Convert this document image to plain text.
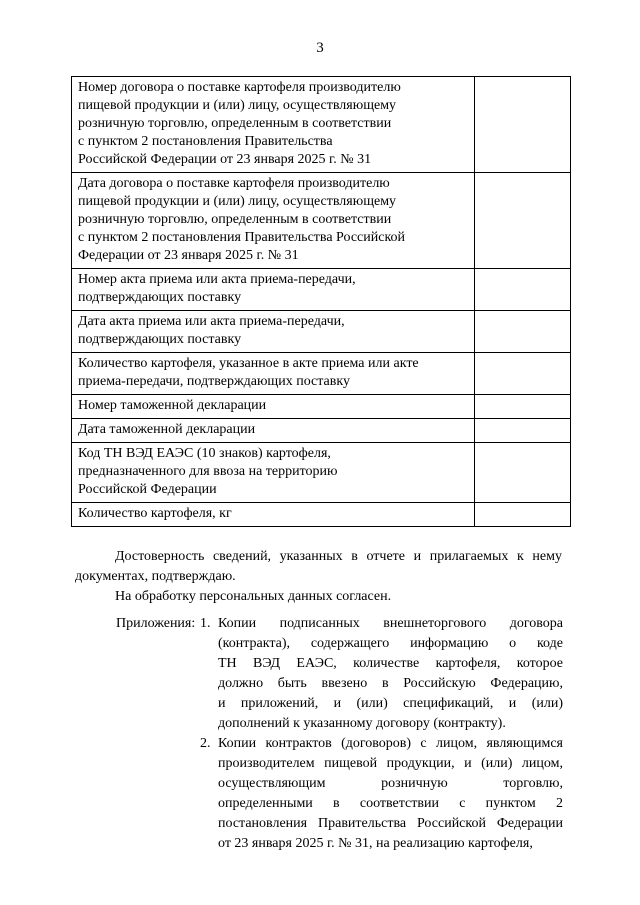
3
Номер договора о поставке картофеля производителю
пищевой продукции и (или) лицу, осуществляющему
розничную торговлю, определенным в соответствии
с пунктом 2 постановления Правительства
Российской Федерации от 23 января 2025 г. № 31	
Дата договора о поставке картофеля производителю
пищевой продукции и (или) лицу, осуществляющему
розничную торговлю, определенным в соответствии
с пунктом 2 постановления Правительства Российской
Федерации от 23 января 2025 г. № 31	
Номер акта приема или акта приема-передачи,
подтверждающих поставку	
Дата акта приема или акта приема-передачи,
подтверждающих поставку	
Количество картофеля, указанное в акте приема или акте
приема-передачи, подтверждающих поставку	
Номер таможенной декларации	
Дата таможенной декларации	
Код ТН ВЭД ЕАЭС (10 знаков) картофеля,
предназначенного для ввоза на территорию
Российской Федерации	
Количество картофеля, кг	
Достоверность сведений, указанных в отчете и прилагаемых к нему документах, подтверждаю.
На обработку персональных данных согласен.
Приложения: 1. Копии подписанных внешнеторгового договора
(контракта), содержащего информацию о коде
ТН ВЭД ЕАЭС, количестве картофеля, которое
должно быть ввезено в Российскую Федерацию,
и приложений, и (или) спецификаций, и (или)
дополнений к указанному договору (контракту).
2. Копии контрактов (договоров) с лицом, являющимся
производителем пищевой продукции, и (или) лицом,
осуществляющим розничную торговлю,
определенными в соответствии с пунктом 2
постановления Правительства Российской Федерации
от 23 января 2025 г. № 31, на реализацию картофеля,
